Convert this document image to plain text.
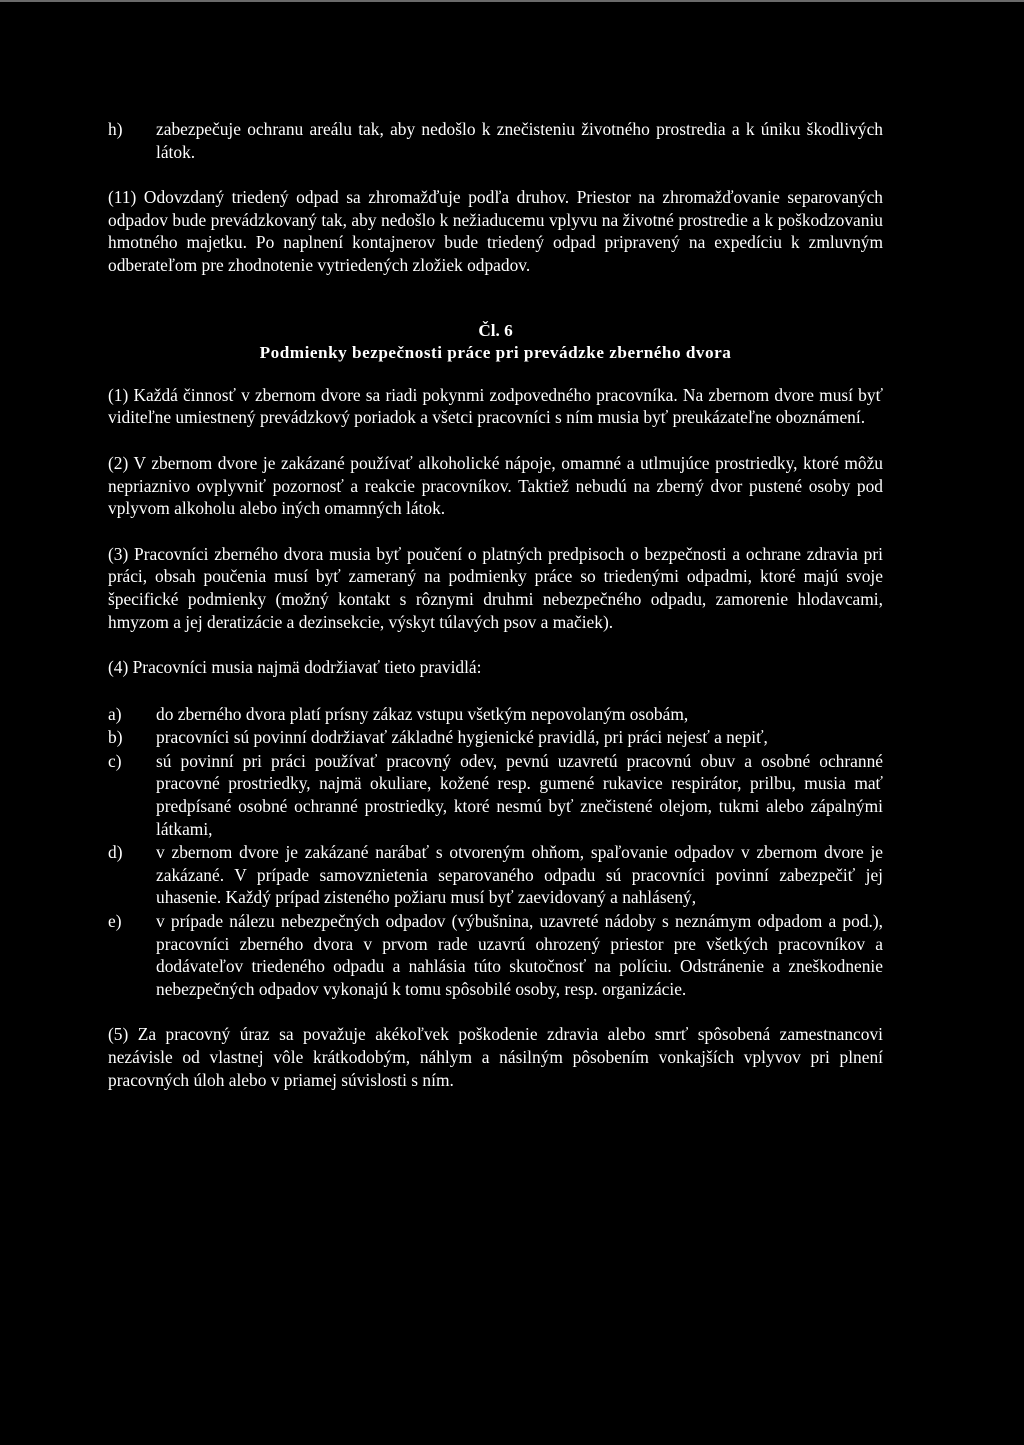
h)	zabezpečuje ochranu areálu tak, aby nedošlo k znečisteniu životného prostredia a k úniku škodlivých látok.

(11) Odovzdaný triedený odpad sa zhromažďuje podľa druhov. Priestor na zhromažďovanie separovaných odpadov bude prevádzkovaný tak, aby nedošlo k nežiaducemu vplyvu na životné prostredie a k poškodzovaniu hmotného majetku. Po naplnení kontajnerov bude triedený odpad pripravený na expedíciu k zmluvným odberateľom pre zhodnotenie vytriedených zložiek odpadov.

Čl. 6
Podmienky bezpečnosti práce pri prevádzke zberného dvora

(1) Každá činnosť v zbernom dvore sa riadi pokynmi zodpovedného pracovníka. Na zbernom dvore musí byť viditeľne umiestnený prevádzkový poriadok a všetci pracovníci s ním musia byť preukázateľne oboznámení.

(2) V zbernom dvore je zakázané používať alkoholické nápoje, omamné a utlmujúce prostriedky, ktoré môžu nepriaznivo ovplyvniť pozornosť a reakcie pracovníkov. Taktiež nebudú na zberný dvor pustené osoby pod vplyvom alkoholu alebo iných omamných látok.

(3) Pracovníci zberného dvora musia byť poučení o platných predpisoch o bezpečnosti a ochrane zdravia pri práci, obsah poučenia musí byť zameraný na podmienky práce so triedenými odpadmi, ktoré majú svoje špecifické podmienky (možný kontakt s rôznymi druhmi nebezpečného odpadu, zamorenie hlodavcami, hmyzom a jej deratizácie a dezinsekcie, výskyt túlavých psov a mačiek).

(4) Pracovníci musia najmä dodržiavať tieto pravidlá:

a)	do zberného dvora platí prísny zákaz vstupu všetkým nepovolaným osobám,
b)	pracovníci sú povinní dodržiavať základné hygienické pravidlá, pri práci nejesť a nepiť,
c)	sú povinní pri práci používať pracovný odev, pevnú uzavretú pracovnú obuv a osobné ochranné pracovné prostriedky, najmä okuliare, kožené resp. gumené rukavice respirátor, prilbu, musia mať predpísané osobné ochranné prostriedky, ktoré nesmú byť znečistené olejom, tukmi alebo zápalnými látkami,
d)	v zbernom dvore je zakázané narábať s otvoreným ohňom, spaľovanie odpadov v zbernom dvore je zakázané. V prípade samovznietenia separovaného odpadu sú pracovníci povinní zabezpečiť jej uhasenie. Každý prípad zisteného požiaru musí byť zaevidovaný a nahlásený,
e)	v prípade nálezu nebezpečných odpadov (výbušnina, uzavreté nádoby s neznámym odpadom a pod.), pracovníci zberného dvora v prvom rade uzavrú ohrozený priestor pre všetkých pracovníkov a dodávateľov triedeného odpadu a nahlásia túto skutočnosť na políciu. Odstránenie a zneškodnenie nebezpečných odpadov vykonajú k tomu spôsobilé osoby, resp. organizácie.

(5) Za pracovný úraz sa považuje akékoľvek poškodenie zdravia alebo smrť spôsobená zamestnancovi nezávisle od vlastnej vôle krátkodobým, náhlym a násilným pôsobením vonkajších vplyvov pri plnení pracovných úloh alebo v priamej súvislosti s ním.
